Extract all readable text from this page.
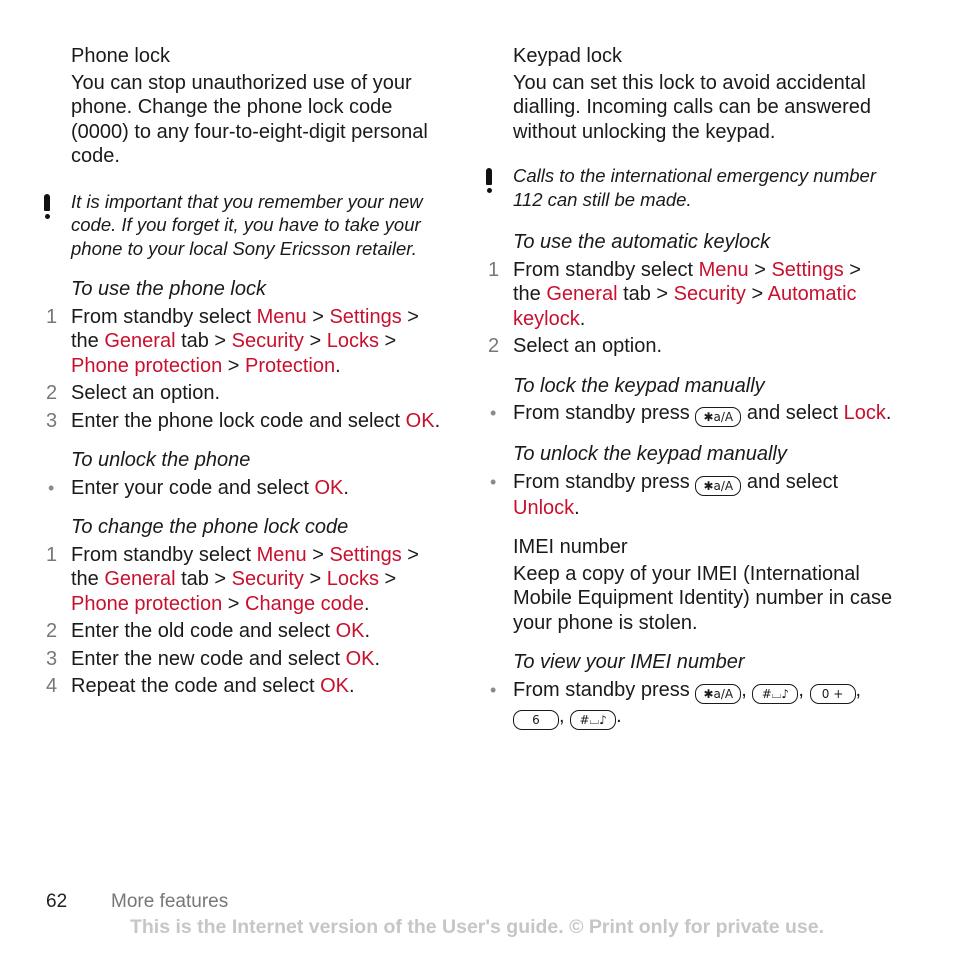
Phone lock

You can stop unauthorized use of your phone. Change the phone lock code (0000) to any four-to-eight-digit personal code.

It is important that you remember your new code. If you forget it, you have to take your phone to your local Sony Ericsson retailer.

To use the phone lock

1 From standby select Menu > Settings > the General tab > Security > Locks > Phone protection > Protection.
2 Select an option.
3 Enter the phone lock code and select OK.

To unlock the phone

• Enter your code and select OK.

To change the phone lock code

1 From standby select Menu > Settings > the General tab > Security > Locks > Phone protection > Change code.
2 Enter the old code and select OK.
3 Enter the new code and select OK.
4 Repeat the code and select OK.

Keypad lock

You can set this lock to avoid accidental dialling. Incoming calls can be answered without unlocking the keypad.

Calls to the international emergency number 112 can still be made.

To use the automatic keylock

1 From standby select Menu > Settings > the General tab > Security > Automatic keylock.
2 Select an option.

To lock the keypad manually

• From standby press ✱a/A and select Lock.

To unlock the keypad manually

• From standby press ✱a/A and select Unlock.

IMEI number

Keep a copy of your IMEI (International Mobile Equipment Identity) number in case your phone is stolen.

To view your IMEI number

• From standby press ✱a/A , #⌴♪ , 0 + , 6 , #⌴♪ .
62 More features
This is the Internet version of the User's guide. © Print only for private use.
